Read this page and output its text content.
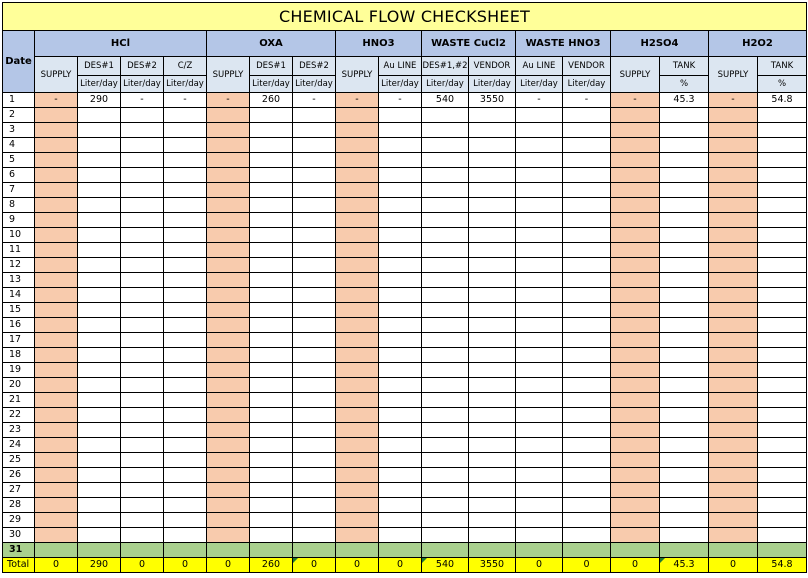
CHEMICAL FLOW CHECKSHEET																	
Date	HCl				OXA			HNO3		WASTE CuCl2		WASTE HNO3		H2SO4		H2O2	
	SUPPLY	DES#1	DES#2	C/Z	SUPPLY	DES#1	DES#2	SUPPLY	Au LINE	DES#1,#2	VENDOR	Au LINE	VENDOR	SUPPLY	TANK	SUPPLY	TANK
		Liter/day	Liter/day	Liter/day		Liter/day	Liter/day		Liter/day	Liter/day	Liter/day	Liter/day	Liter/day		%		%
1	-	290	-	-	-	260	-	-	-	540	3550	-	-	-	45.3	-	54.8
2																	
3																	
4																	
5																	
6																	
7																	
8																	
9																	
10																	
11																	
12																	
13																	
14																	
15																	
16																	
17																	
18																	
19																	
20																	
21																	
22																	
23																	
24																	
25																	
26																	
27																	
28																	
29																	
30																	
31																	
Total	0	290	0	0	0	260	0	0	0	540	3550	0	0	0	45.3	0	54.8
